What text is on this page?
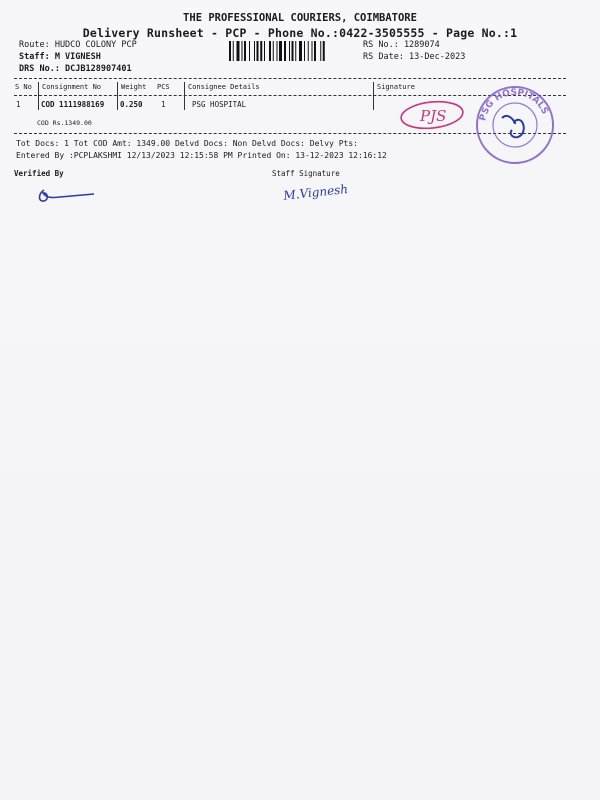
THE PROFESSIONAL COURIERS, COIMBATORE
Delivery Runsheet - PCP - Phone No.:0422-3505555 - Page No.:1
Route: HUDCO COLONY PCP
Staff: M VIGNESH
DRS No.: DCJB128907401
RS No.: 1289074
RS Date: 13-Dec-2023
S No Consignment No	Weight PCS	Consignee Details	Signature
1	COD 1111988169 0.250 1	PSG HOSPITAL
COD Rs.1349.00	PJS	PSG HOSPITALS
Tot Docs: 1 Tot COD Amt: 1349.00 Delvd Docs: Non Delvd Docs: Delvy Pts:
Entered By :PCPLAKSHMI 12/13/2023 12:15:58 PM Printed On: 13-12-2023 12:16:12
Verified By	Staff Signature
M.Vignesh
